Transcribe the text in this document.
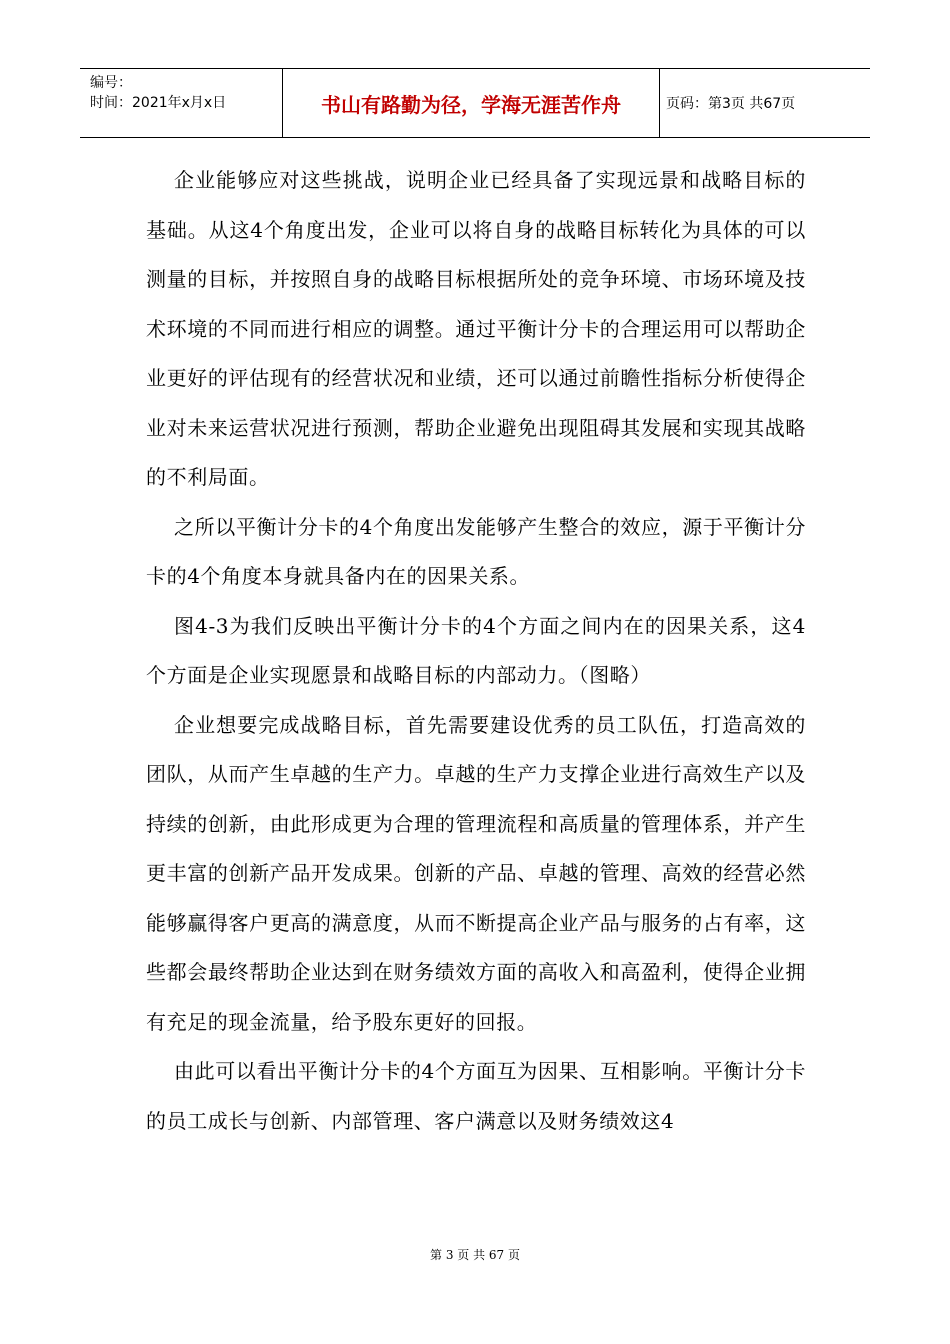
编号：
时间：2021年x月x日	书山有路勤为径，学海无涯苦作舟	页码：第3页 共67页

企业能够应对这些挑战，说明企业已经具备了实现远景和战略目标的基础。从这4个角度出发，企业可以将自身的战略目标转化为具体的可以测量的目标，并按照自身的战略目标根据所处的竞争环境、市场环境及技术环境的不同而进行相应的调整。通过平衡计分卡的合理运用可以帮助企业更好的评估现有的经营状况和业绩，还可以通过前瞻性指标分析使得企业对未来运营状况进行预测，帮助企业避免出现阻碍其发展和实现其战略的不利局面。

之所以平衡计分卡的4个角度出发能够产生整合的效应，源于平衡计分卡的4个角度本身就具备内在的因果关系。

图4-3为我们反映出平衡计分卡的4个方面之间内在的因果关系，这4个方面是企业实现愿景和战略目标的内部动力。（图略）

企业想要完成战略目标，首先需要建设优秀的员工队伍，打造高效的团队，从而产生卓越的生产力。卓越的生产力支撑企业进行高效生产以及持续的创新，由此形成更为合理的管理流程和高质量的管理体系，并产生更丰富的创新产品开发成果。创新的产品、卓越的管理、高效的经营必然能够赢得客户更高的满意度，从而不断提高企业产品与服务的占有率，这些都会最终帮助企业达到在财务绩效方面的高收入和高盈利，使得企业拥有充足的现金流量，给予股东更好的回报。

由此可以看出平衡计分卡的4个方面互为因果、互相影响。平衡计分卡的员工成长与创新、内部管理、客户满意以及财务绩效这4

第 3 页 共 67 页
